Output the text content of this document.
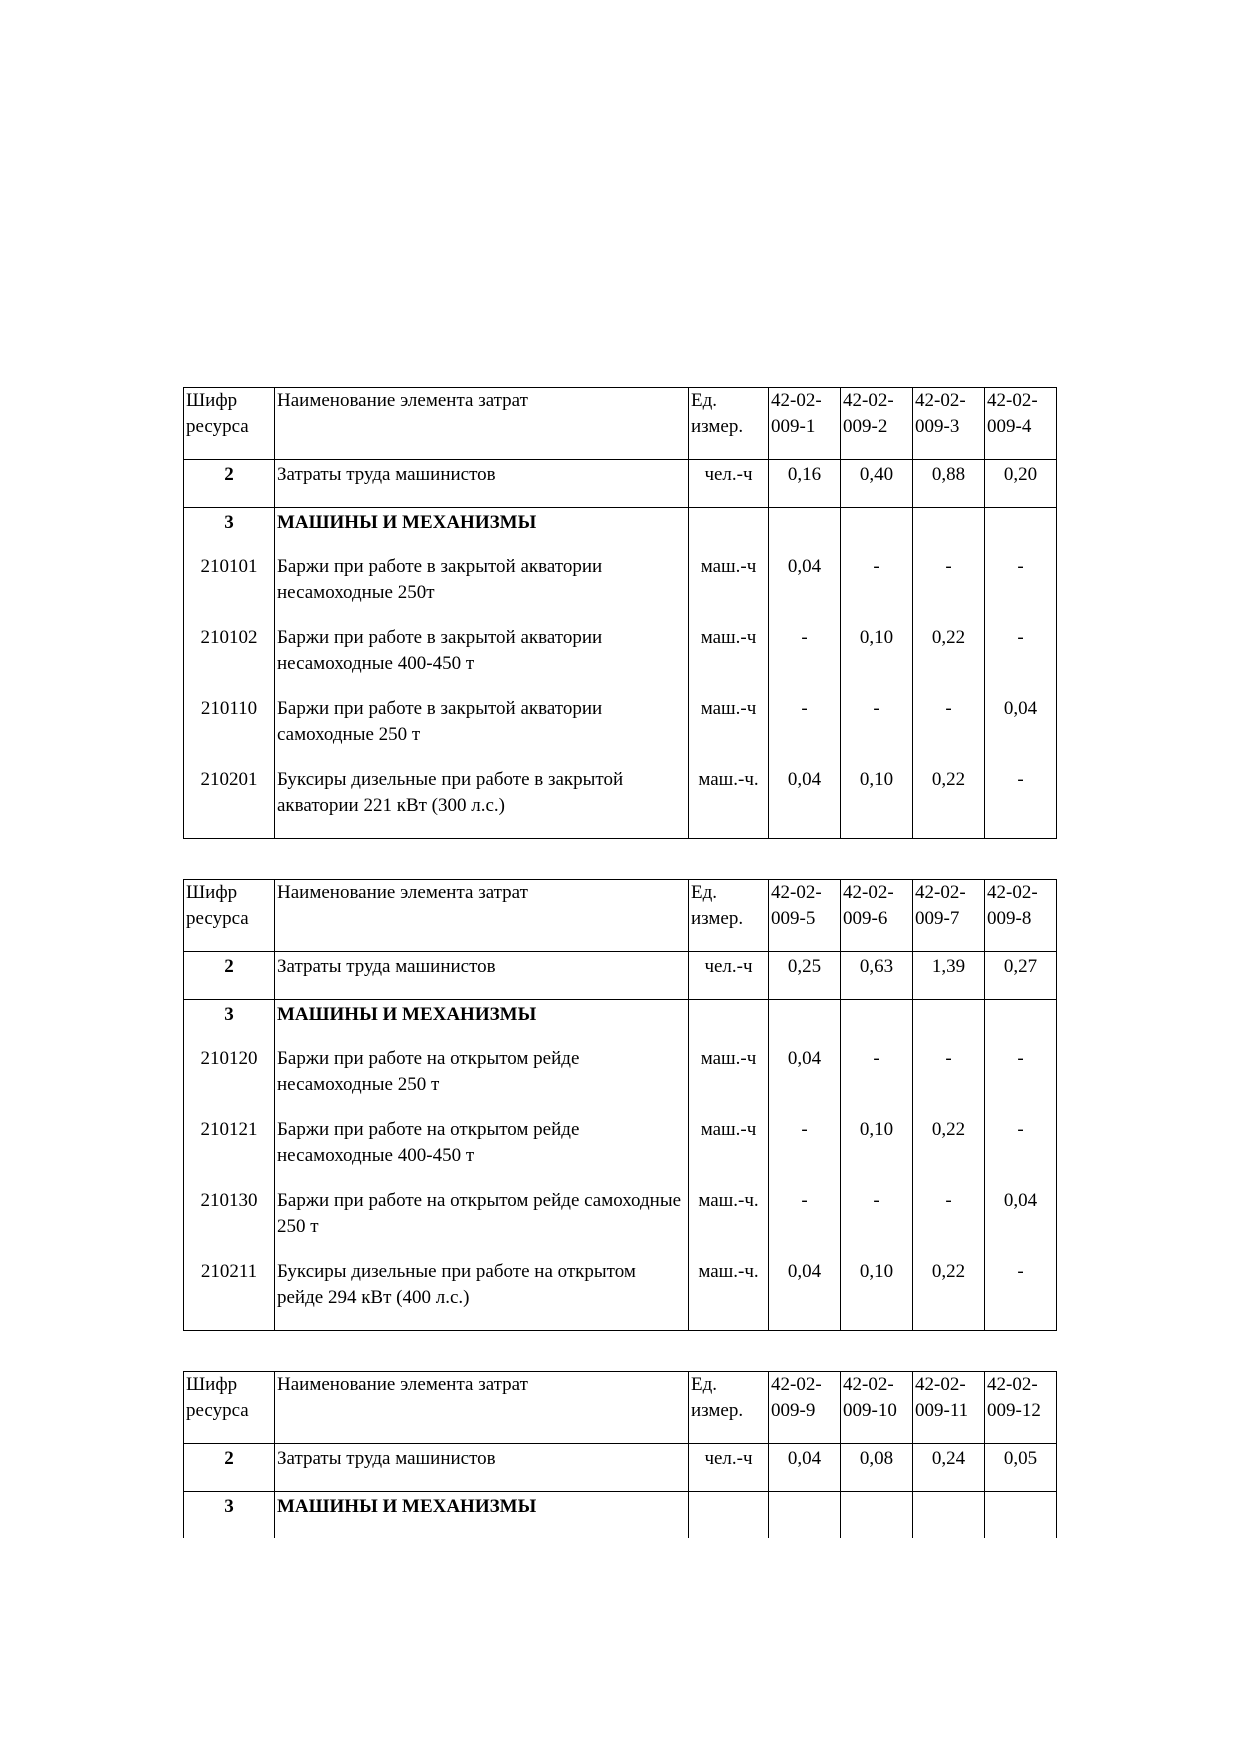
Шифр ресурса	Наименование элемента затрат	Ед. измер.	42-02-009-1	42-02-009-2	42-02-009-3	42-02-009-4
2	Затраты труда машинистов	чел.-ч	0,16	0,40	0,88	0,20
3	МАШИНЫ И МЕХАНИЗМЫ					
210101	Баржи при работе в закрытой акватории несамоходные 250т	маш.-ч	0,04	-	-	-
210102	Баржи при работе в закрытой акватории несамоходные 400-450 т	маш.-ч	-	0,10	0,22	-
210110	Баржи при работе в закрытой акватории самоходные 250 т	маш.-ч	-	-	-	0,04
210201	Буксиры дизельные при работе в закрытой акватории 221 кВт (300 л.с.)	маш.-ч.	0,04	0,10	0,22	-
Шифр ресурса	Наименование элемента затрат	Ед. измер.	42-02-009-5	42-02-009-6	42-02-009-7	42-02-009-8
2	Затраты труда машинистов	чел.-ч	0,25	0,63	1,39	0,27
3	МАШИНЫ И МЕХАНИЗМЫ					
210120	Баржи при работе на открытом рейде несамоходные 250 т	маш.-ч	0,04	-	-	-
210121	Баржи при работе на открытом рейде несамоходные 400-450 т	маш.-ч	-	0,10	0,22	-
210130	Баржи при работе на открытом рейде самоходные 250 т	маш.-ч.	-	-	-	0,04
210211	Буксиры дизельные при работе на открытом рейде 294 кВт (400 л.с.)	маш.-ч.	0,04	0,10	0,22	-
Шифр ресурса	Наименование элемента затрат	Ед. измер.	42-02-009-9	42-02-009-10	42-02-009-11	42-02-009-12
2	Затраты труда машинистов	чел.-ч	0,04	0,08	0,24	0,05
3	МАШИНЫ И МЕХАНИЗМЫ					
